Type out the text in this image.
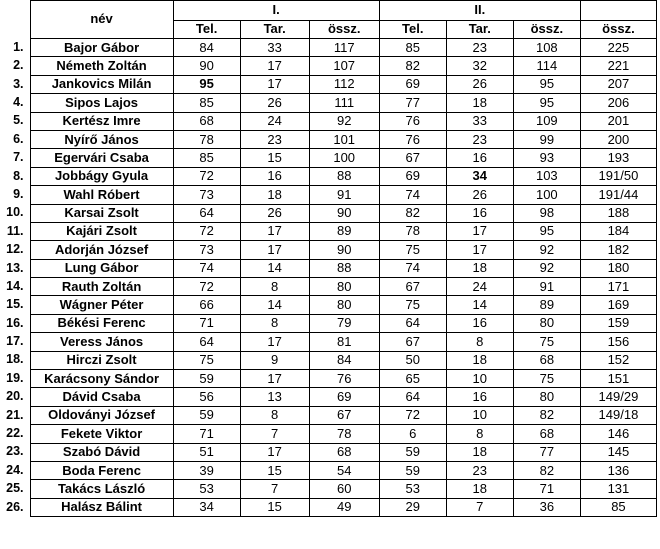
	név	I.			II.			
		Tel.	Tar.	össz.	Tel.	Tar.	össz.	össz.
1.	Bajor Gábor	84	33	117	85	23	108	225
2.	Németh Zoltán	90	17	107	82	32	114	221
3.	Jankovics Milán	95	17	112	69	26	95	207
4.	Sipos Lajos	85	26	111	77	18	95	206
5.	Kertész Imre	68	24	92	76	33	109	201
6.	Nyírő János	78	23	101	76	23	99	200
7.	Egervári Csaba	85	15	100	67	16	93	193
8.	Jobbágy Gyula	72	16	88	69	34	103	191/50
9.	Wahl Róbert	73	18	91	74	26	100	191/44
10.	Karsai Zsolt	64	26	90	82	16	98	188
11.	Kajári Zsolt	72	17	89	78	17	95	184
12.	Adorján József	73	17	90	75	17	92	182
13.	Lung Gábor	74	14	88	74	18	92	180
14.	Rauth Zoltán	72	8	80	67	24	91	171
15.	Wágner Péter	66	14	80	75	14	89	169
16.	Békési Ferenc	71	8	79	64	16	80	159
17.	Veress János	64	17	81	67	8	75	156
18.	Hirczi Zsolt	75	9	84	50	18	68	152
19.	Karácsony Sándor	59	17	76	65	10	75	151
20.	Dávid Csaba	56	13	69	64	16	80	149/29
21.	Oldoványi József	59	8	67	72	10	82	149/18
22.	Fekete Viktor	71	7	78	6	8	68	146
23.	Szabó Dávid	51	17	68	59	18	77	145
24.	Boda Ferenc	39	15	54	59	23	82	136
25.	Takács László	53	7	60	53	18	71	131
26.	Halász Bálint	34	15	49	29	7	36	85
